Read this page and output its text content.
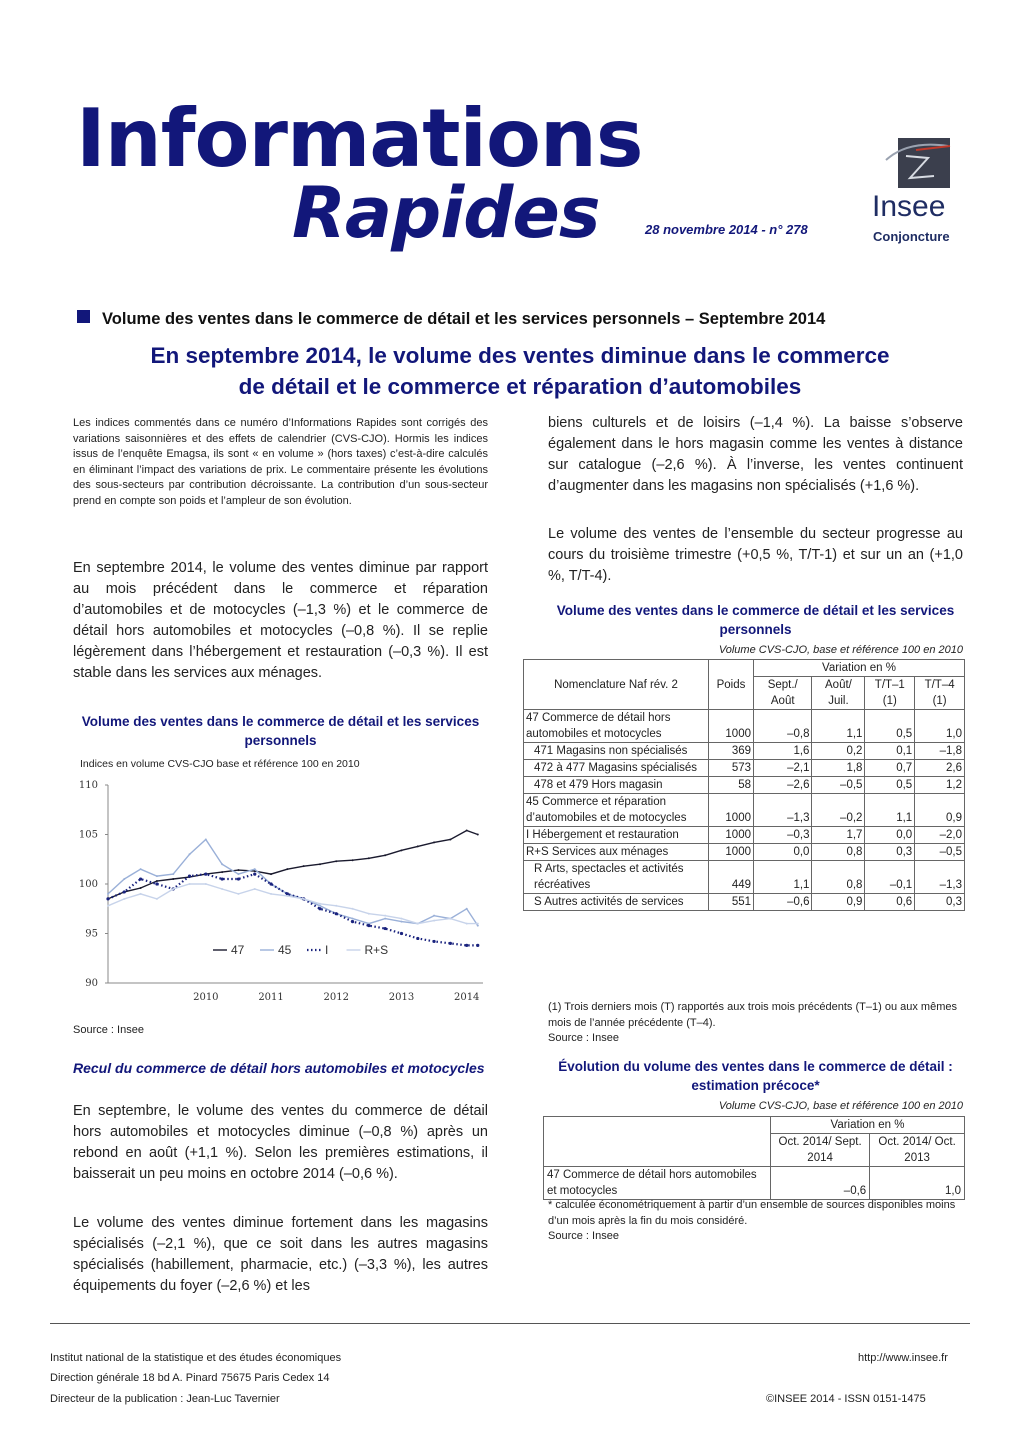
Informations
Rapides	28 novembre 2014 - n° 278
Insee
Conjoncture
Volume des ventes dans le commerce de détail et les services personnels – Septembre 2014
En septembre 2014, le volume des ventes diminue dans le commerce
de détail et le commerce et réparation d’automobiles
Les indices commentés dans ce numéro d’Informations Rapides sont corrigés des variations saisonnières et des effets de calendrier (CVS-CJO). Hormis les indices issus de l’enquête Emagsa, ils sont « en volume » (hors taxes) c’est-à-dire calculés en éliminant l’impact des variations de prix. Le commentaire présente les évolutions des sous-secteurs par contribution décroissante. La contribution d’un sous-secteur prend en compte son poids et l’ampleur de son évolution.
En septembre 2014, le volume des ventes diminue par rapport au mois précédent dans le commerce et réparation d’automobiles et de motocycles (–1,3 %) et le commerce de détail hors automobiles et motocycles (–0,8 %). Il se replie légèrement dans l’hébergement et restauration (–0,3 %). Il est stable dans les services aux ménages.
Volume des ventes dans le commerce de détail et les services personnels
Indices en volume CVS-CJO base et référence 100 en 2010
90
95
100
105
110
2010	2011	2012	2013	2014
47	45	I	R+S
Source : Insee
Recul du commerce de détail hors automobiles et motocycles
En septembre, le volume des ventes du commerce de détail hors automobiles et motocycles diminue (–0,8 %) après un rebond en août (+1,1 %). Selon les premières estimations, il baisserait un peu moins en octobre 2014 (–0,6 %).
Le volume des ventes diminue fortement dans les magasins spécialisés (–2,1 %), que ce soit dans les autres magasins spécialisés (habillement, pharmacie, etc.) (–3,3 %), les autres équipements du foyer (–2,6 %) et les
biens culturels et de loisirs (–1,4 %). La baisse s’observe également dans le hors magasin comme les ventes à distance sur catalogue (–2,6 %). À l’inverse, les ventes continuent d’augmenter dans les magasins non spécialisés (+1,6 %).
Le volume des ventes de l’ensemble du secteur progresse au cours du troisième trimestre (+0,5 %, T/T-1) et sur un an (+1,0 %, T/T-4).
Volume des ventes dans le commerce de détail et les services personnels
Volume CVS-CJO, base et référence 100 en 2010
Nomenclature Naf rév. 2	Poids	Variation en %			
		Sept./ Août	Août/ Juil.	T/T–1 (1)	T/T–4 (1)
47 Commerce de détail hors automobiles et motocycles	1000	–0,8	1,1	0,5	1,0
471 Magasins non spécialisés	369	1,6	0,2	0,1	–1,8
472 à 477 Magasins spécialisés	573	–2,1	1,8	0,7	2,6
478 et 479 Hors magasin	58	–2,6	–0,5	0,5	1,2
45 Commerce et réparation d’automobiles et de motocycles	1000	–1,3	–0,2	1,1	0,9
I Hébergement et restauration	1000	–0,3	1,7	0,0	–2,0
R+S Services aux ménages	1000	0,0	0,8	0,3	–0,5
R Arts, spectacles et activités récréatives	449	1,1	0,8	–0,1	–1,3
S Autres activités de services	551	–0,6	0,9	0,6	0,3
(1) Trois derniers mois (T) rapportés aux trois mois précédents (T–1) ou aux mêmes mois de l’année précédente (T–4).
Source : Insee
Évolution du volume des ventes dans le commerce de détail : estimation précoce*
Volume CVS-CJO, base et référence 100 en 2010
	Variation en %	
	Oct. 2014/ Sept. 2014	Oct. 2014/ Oct. 2013
47 Commerce de détail hors automobiles et motocycles	–0,6	1,0
* calculée économétriquement à partir d’un ensemble de sources disponibles moins d’un mois après la fin du mois considéré.
Source : Insee
Institut national de la statistique et des études économiques
Direction générale 18 bd A. Pinard 75675 Paris Cedex 14
Directeur de la publication : Jean-Luc Tavernier
http://www.insee.fr
©INSEE 2014 - ISSN 0151-1475
